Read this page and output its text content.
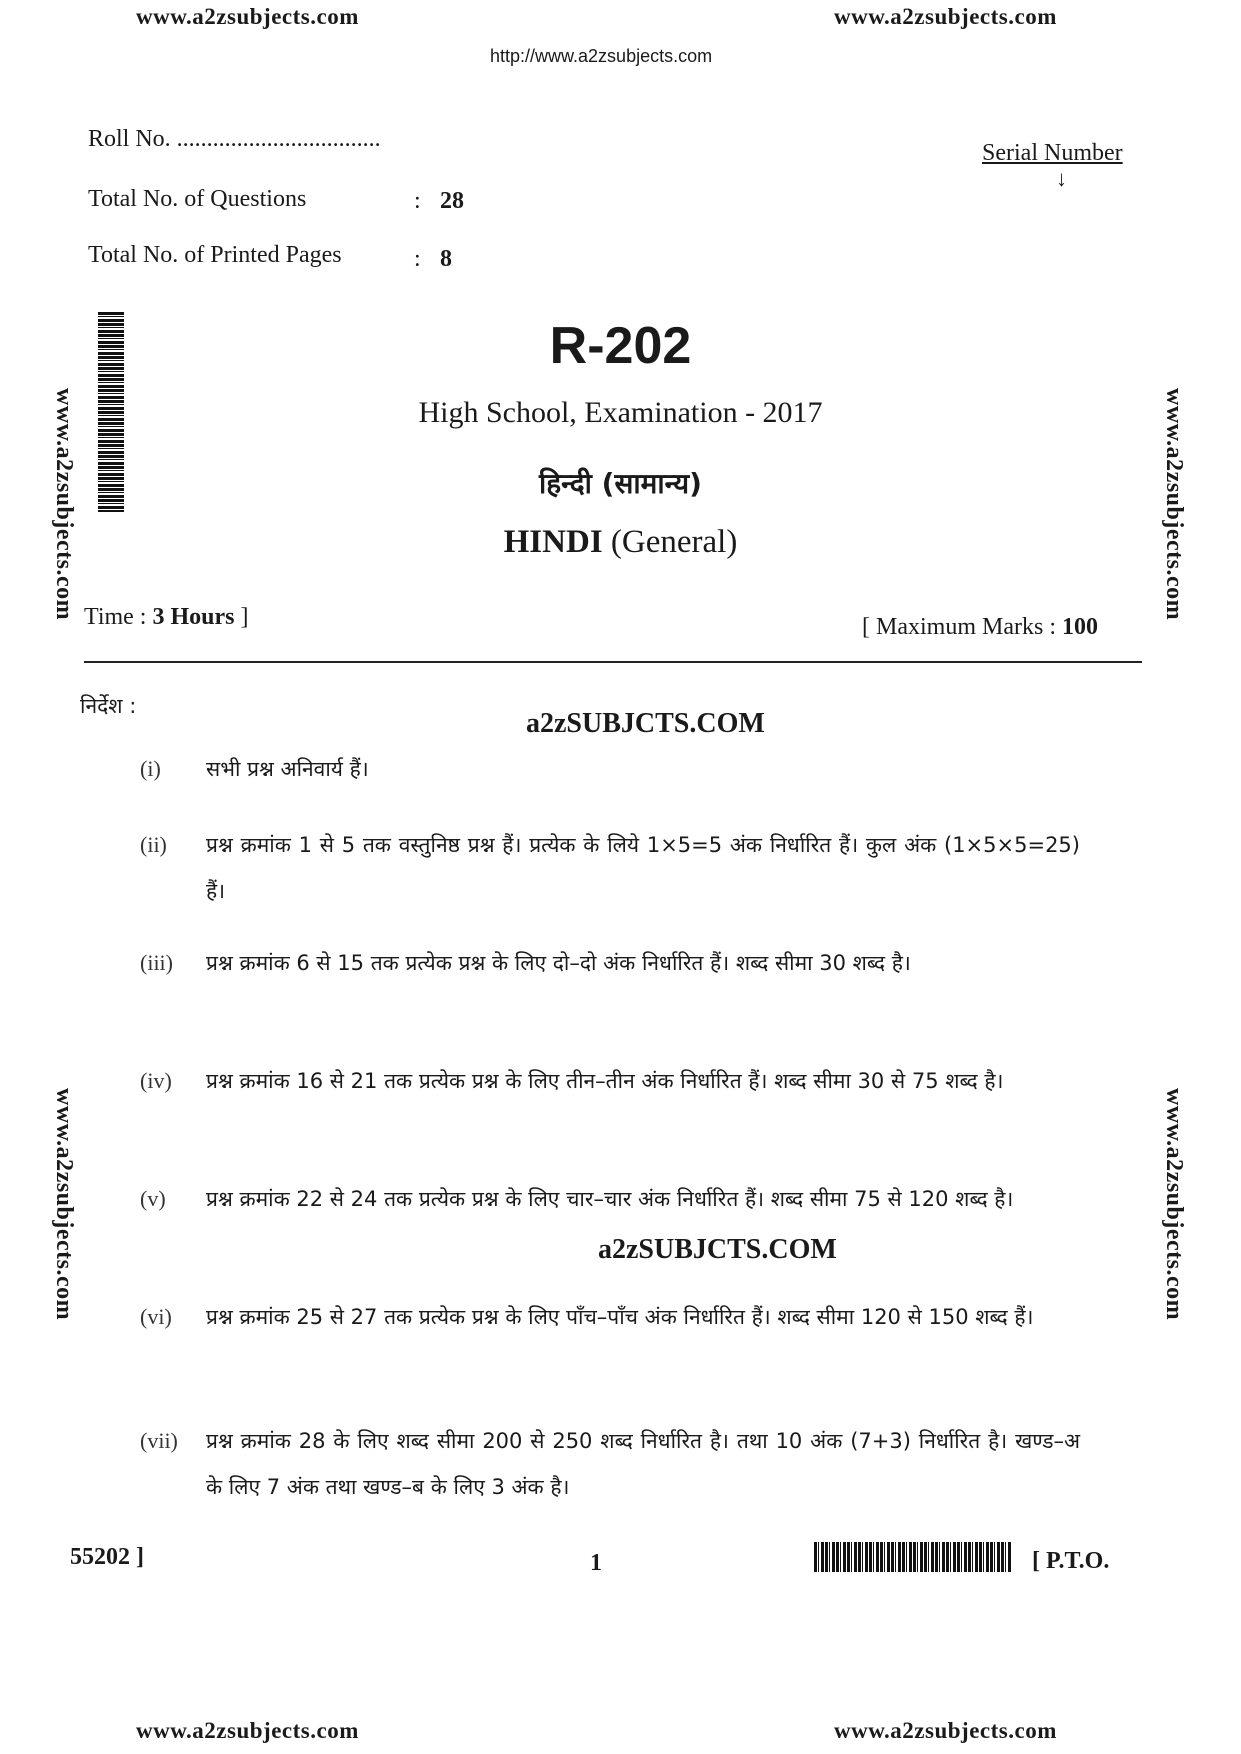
www.a2zsubjects.com	www.a2zsubjects.com
http://www.a2zsubjects.com
www.a2zsubjects.com
www.a2zsubjects.com
www.a2zsubjects.com
www.a2zsubjects.com
Roll No. ..................................
Total No. of Questions	: 28
Total No. of Printed Pages	: 8
Serial Number
↓
R-202
High School, Examination - 2017
हिन्दी (सामान्य)
HINDI (General)
Time : 3 Hours ]	[ Maximum Marks : 100
निर्देश :
a2zSUBJCTS.COM
(i)	सभी प्रश्न अनिवार्य हैं।
(ii)	प्रश्न क्रमांक 1 से 5 तक वस्तुनिष्ठ प्रश्न हैं। प्रत्येक के लिये 1×5=5 अंक निर्धारित हैं। कुल अंक (1×5×5=25) हैं।
(iii)	प्रश्न क्रमांक 6 से 15 तक प्रत्येक प्रश्न के लिए दो–दो अंक निर्धारित हैं। शब्द सीमा 30 शब्द है।
(iv)	प्रश्न क्रमांक 16 से 21 तक प्रत्येक प्रश्न के लिए तीन–तीन अंक निर्धारित हैं। शब्द सीमा 30 से 75 शब्द है।
(v)	प्रश्न क्रमांक 22 से 24 तक प्रत्येक प्रश्न के लिए चार–चार अंक निर्धारित हैं। शब्द सीमा 75 से 120 शब्द है।
a2zSUBJCTS.COM
(vi)	प्रश्न क्रमांक 25 से 27 तक प्रत्येक प्रश्न के लिए पाँच–पाँच अंक निर्धारित हैं। शब्द सीमा 120 से 150 शब्द हैं।
(vii)	प्रश्न क्रमांक 28 के लिए शब्द सीमा 200 से 250 शब्द निर्धारित है। तथा 10 अंक (7+3) निर्धारित है। खण्ड–अ के लिए 7 अंक तथा खण्ड–ब के लिए 3 अंक है।
55202 ]	1	[ P.T.O.
www.a2zsubjects.com	www.a2zsubjects.com
